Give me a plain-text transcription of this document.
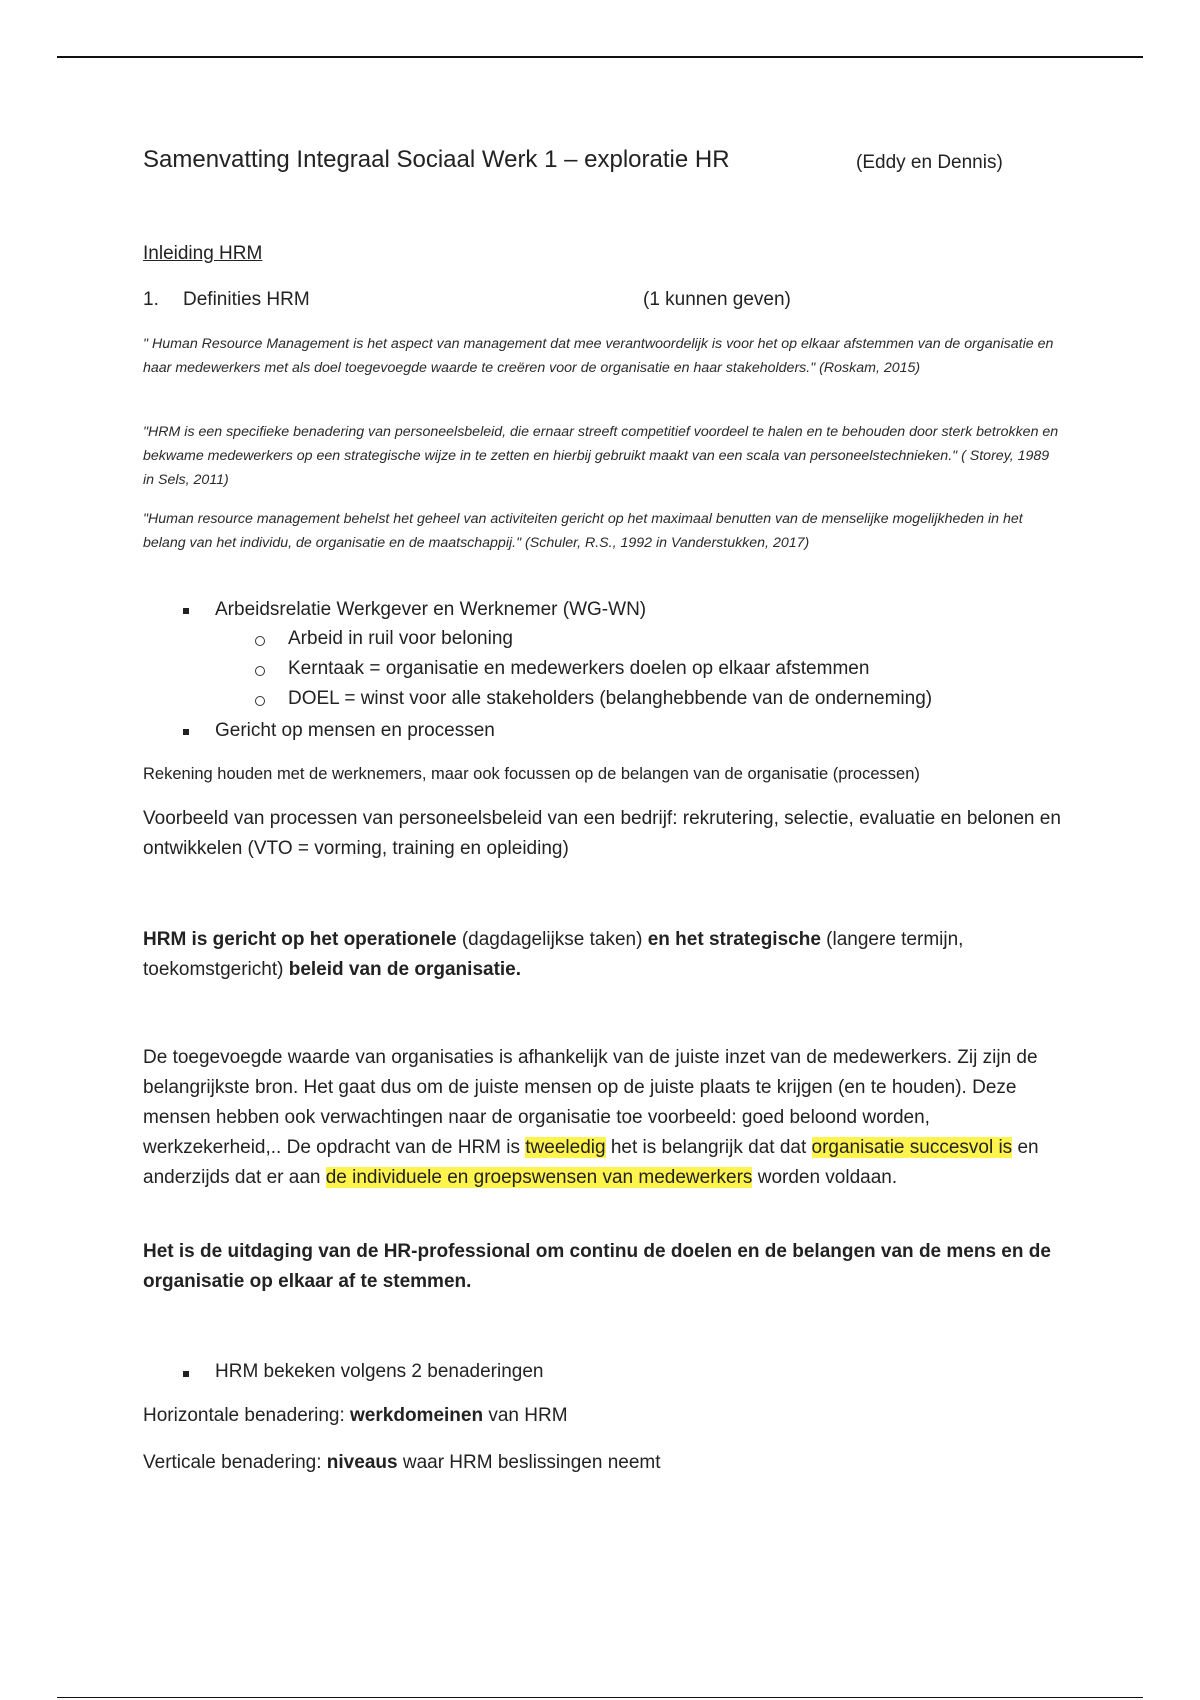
Samenvatting Integraal Sociaal Werk 1 – exploratie HR	(Eddy en Dennis)
Inleiding HRM
1. Definities HRM	(1 kunnen geven)
" Human Resource Management is het aspect van management dat mee verantwoordelijk is voor het op elkaar afstemmen van de organisatie en haar medewerkers met als doel toegevoegde waarde te creëren voor de organisatie en haar stakeholders." (Roskam, 2015)
"HRM is een specifieke benadering van personeelsbeleid, die ernaar streeft competitief voordeel te halen en te behouden door sterk betrokken en bekwame medewerkers op een strategische wijze in te zetten en hierbij gebruikt maakt van een scala van personeelstechnieken." ( Storey, 1989 in Sels, 2011)
"Human resource management behelst het geheel van activiteiten gericht op het maximaal benutten van de menselijke mogelijkheden in het belang van het individu, de organisatie en de maatschappij." (Schuler, R.S., 1992 in Vanderstukken, 2017)
Arbeidsrelatie Werkgever en Werknemer (WG-WN)
Arbeid in ruil voor beloning
Kerntaak = organisatie en medewerkers doelen op elkaar afstemmen
DOEL = winst voor alle stakeholders (belanghebbende van de onderneming)
Gericht op mensen en processen
Rekening houden met de werknemers, maar ook focussen op de belangen van de organisatie (processen)
Voorbeeld van processen van personeelsbeleid van een bedrijf: rekrutering, selectie, evaluatie en belonen en ontwikkelen (VTO = vorming, training en opleiding)
HRM is gericht op het operationele (dagdagelijkse taken) en het strategische (langere termijn, toekomstgericht) beleid van de organisatie.
De toegevoegde waarde van organisaties is afhankelijk van de juiste inzet van de medewerkers. Zij zijn de belangrijkste bron. Het gaat dus om de juiste mensen op de juiste plaats te krijgen (en te houden). Deze mensen hebben ook verwachtingen naar de organisatie toe voorbeeld: goed beloond worden, werkzekerheid,.. De opdracht van de HRM is tweeledig het is belangrijk dat dat organisatie succesvol is en anderzijds dat er aan de individuele en groepswensen van medewerkers worden voldaan.
Het is de uitdaging van de HR-professional om continu de doelen en de belangen van de mens en de organisatie op elkaar af te stemmen.
HRM bekeken volgens 2 benaderingen
Horizontale benadering: werkdomeinen van HRM
Verticale benadering: niveaus waar HRM beslissingen neemt
